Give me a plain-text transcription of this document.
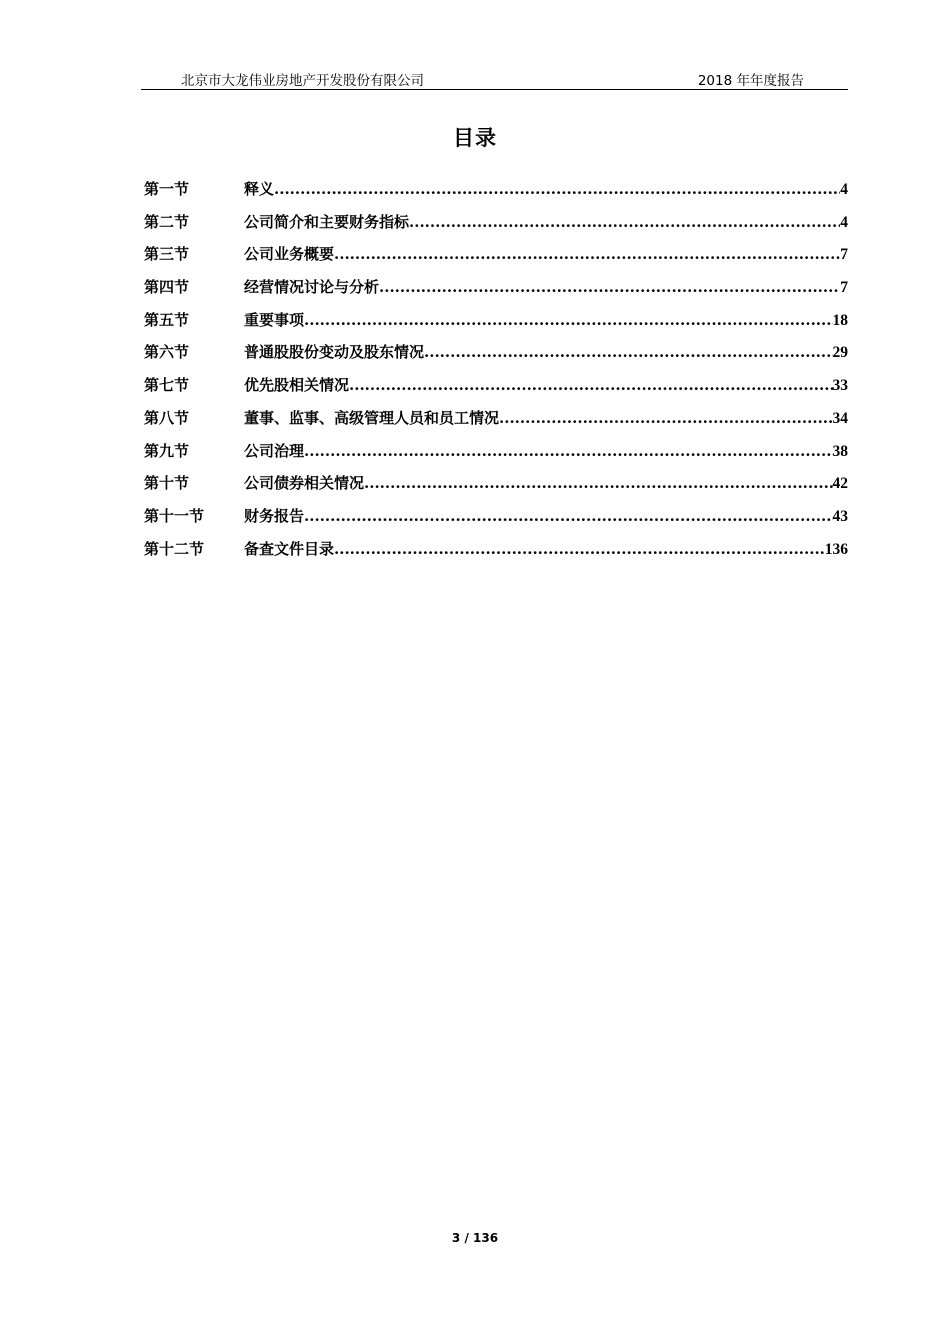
北京市大龙伟业房地产开发股份有限公司	2018 年年度报告
目录
第一节	释义 .....	4
第二节	公司简介和主要财务指标 .....	4
第三节	公司业务概要 .....	7
第四节	经营情况讨论与分析 .....	7
第五节	重要事项 .....	18
第六节	普通股股份变动及股东情况 .....	29
第七节	优先股相关情况 .....	33
第八节	董事、监事、高级管理人员和员工情况 .....	34
第九节	公司治理 .....	38
第十节	公司债券相关情况 .....	42
第十一节	财务报告 .....	43
第十二节	备查文件目录 .....	136
3 / 136
